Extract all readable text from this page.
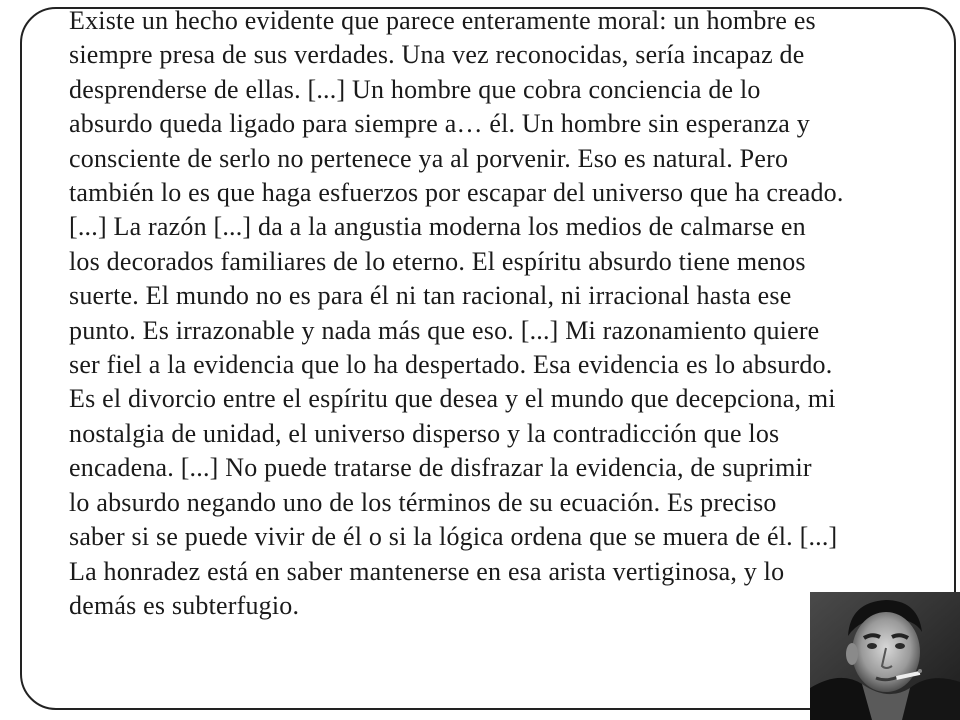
Existe un hecho evidente que parece enteramente moral: un hombre es
siempre presa de sus verdades. Una vez reconocidas, sería incapaz de
desprenderse de ellas. [...] Un hombre que cobra conciencia de lo
absurdo queda ligado para siempre a… él. Un hombre sin esperanza y
consciente de serlo no pertenece ya al porvenir. Eso es natural. Pero
también lo es que haga esfuerzos por escapar del universo que ha creado.
[...] La razón [...] da a la angustia moderna los medios de calmarse en
los decorados familiares de lo eterno. El espíritu absurdo tiene menos
suerte. El mundo no es para él ni tan racional, ni irracional hasta ese
punto. Es irrazonable y nada más que eso. [...] Mi razonamiento quiere
ser fiel a la evidencia que lo ha despertado. Esa evidencia es lo absurdo.
Es el divorcio entre el espíritu que desea y el mundo que decepciona, mi
nostalgia de unidad, el universo disperso y la contradicción que los
encadena. [...] No puede tratarse de disfrazar la evidencia, de suprimir
lo absurdo negando uno de los términos de su ecuación. Es preciso
saber si se puede vivir de él o si la lógica ordena que se muera de él. [...]
La honradez está en saber mantenerse en esa arista vertiginosa, y lo
demás es subterfugio.
